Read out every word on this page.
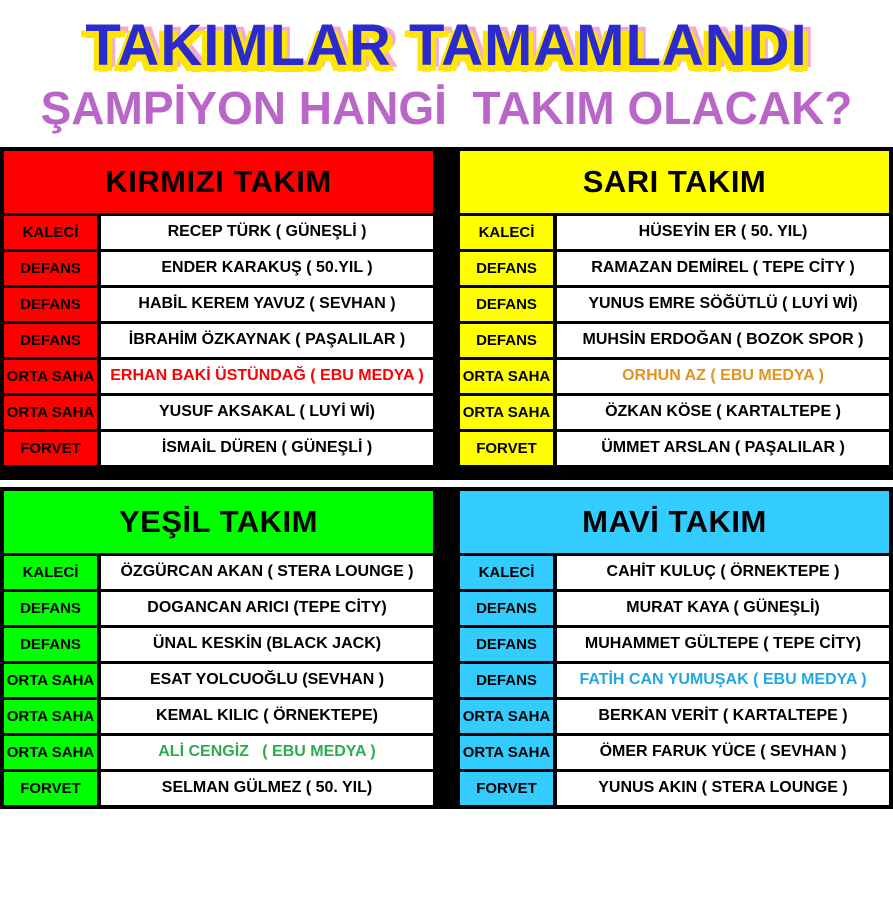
TAKIMLAR TAMAMLANDI
ŞAMPİYON HANGİ  TAKIM OLACAK?
KIRMIZI TAKIM
KALECİ	RECEP TÜRK ( GÜNEŞLİ )
DEFANS	ENDER KARAKUŞ ( 50.YIL )
DEFANS	HABİL KEREM YAVUZ ( SEVHAN )
DEFANS	İBRAHİM ÖZKAYNAK ( PAŞALILAR )
ORTA SAHA	ERHAN BAKİ ÜSTÜNDAĞ ( EBU MEDYA )
ORTA SAHA	YUSUF AKSAKAL ( LUYİ Wİ)
FORVET	İSMAİL DÜREN ( GÜNEŞLİ )
SARI TAKIM
KALECİ	HÜSEYİN ER ( 50. YIL)
DEFANS	RAMAZAN DEMİREL ( TEPE CİTY )
DEFANS	YUNUS EMRE SÖĞÜTLÜ ( LUYİ Wİ)
DEFANS	MUHSİN ERDOĞAN ( BOZOK SPOR )
ORTA SAHA	ORHUN AZ ( EBU MEDYA )
ORTA SAHA	ÖZKAN KÖSE ( KARTALTEPE )
FORVET	ÜMMET ARSLAN ( PAŞALILAR )
YEŞİL TAKIM
KALECİ	ÖZGÜRCAN AKAN ( STERA LOUNGE )
DEFANS	DOGANCAN ARICI (TEPE CİTY)
DEFANS	ÜNAL KESKİN (BLACK JACK)
ORTA SAHA	ESAT YOLCUOĞLU (SEVHAN )
ORTA SAHA	KEMAL KILIC ( ÖRNEKTEPE)
ORTA SAHA	ALİ CENGİZ   ( EBU MEDYA )
FORVET	SELMAN GÜLMEZ ( 50. YIL)
MAVİ TAKIM
KALECİ	CAHİT KULUÇ ( ÖRNEKTEPE )
DEFANS	MURAT KAYA ( GÜNEŞLİ)
DEFANS	MUHAMMET GÜLTEPE ( TEPE CİTY)
DEFANS	FATİH CAN YUMUŞAK ( EBU MEDYA )
ORTA SAHA	BERKAN VERİT ( KARTALTEPE )
ORTA SAHA	ÖMER FARUK YÜCE ( SEVHAN )
FORVET	YUNUS AKIN ( STERA LOUNGE )
